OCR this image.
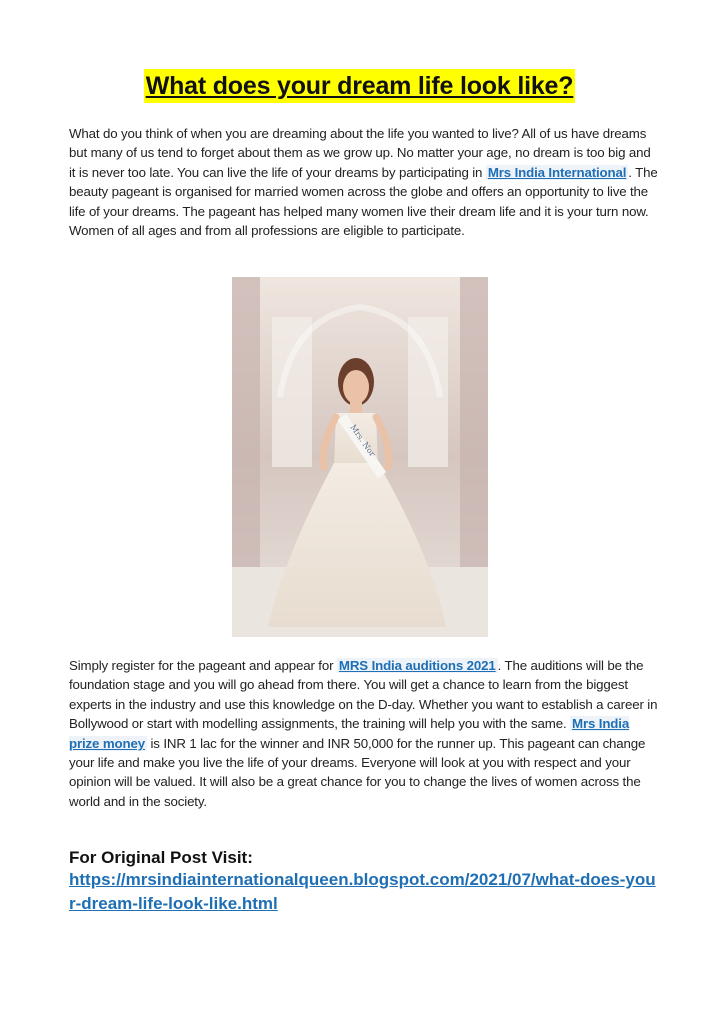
What does your dream life look like?

What do you think of when you are dreaming about the life you wanted to live? All of us have dreams but many of us tend to forget about them as we grow up. No matter your age, no dream is too big and it is never too late. You can live the life of your dreams by participating in Mrs India International . The beauty pageant is organised for married women across the globe and offers an opportunity to live the life of your dreams. The pageant has helped many women live their dream life and it is your turn now. Women of all ages and from all professions are eligible to participate.

Mrs. Nor

Simply register for the pageant and appear for MRS India auditions 2021 . The auditions will be the foundation stage and you will go ahead from there. You will get a chance to learn from the biggest experts in the industry and use this knowledge on the D-day. Whether you want to establish a career in Bollywood or start with modelling assignments, the training will help you with the same. Mrs India prize money is INR 1 lac for the winner and INR 50,000 for the runner up. This pageant can change your life and make you live the life of your dreams. Everyone will look at you with respect and your opinion will be valued. It will also be a great chance for you to change the lives of women across the world and in the society.

For Original Post Visit:

https://mrsindiainternationalqueen.blogspot.com/2021/07/what-does-your-dream-life-look-like.html
